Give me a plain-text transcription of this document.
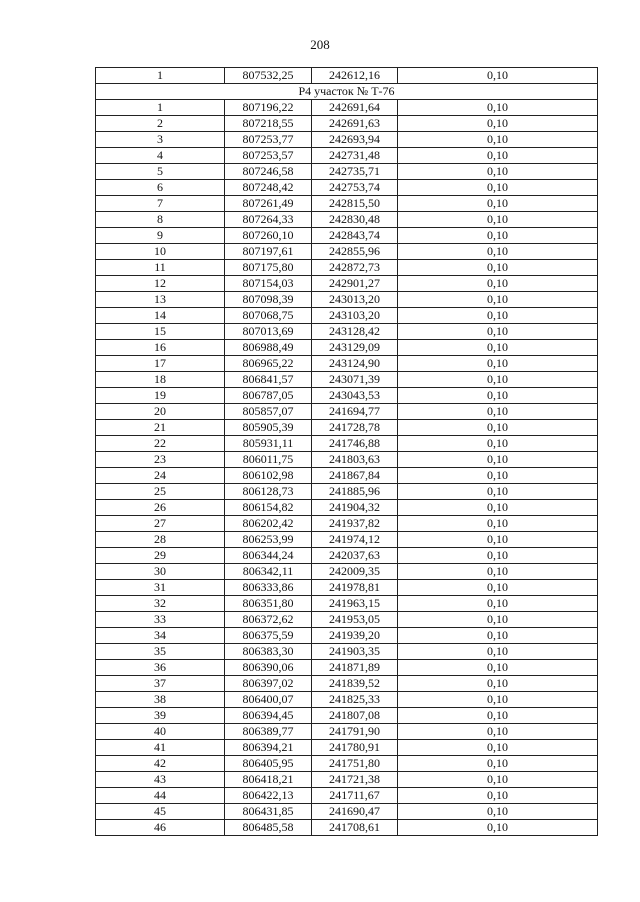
208
1	807532,25	242612,16	0,10
Р4 участок № Т-76			
1	807196,22	242691,64	0,10
2	807218,55	242691,63	0,10
3	807253,77	242693,94	0,10
4	807253,57	242731,48	0,10
5	807246,58	242735,71	0,10
6	807248,42	242753,74	0,10
7	807261,49	242815,50	0,10
8	807264,33	242830,48	0,10
9	807260,10	242843,74	0,10
10	807197,61	242855,96	0,10
11	807175,80	242872,73	0,10
12	807154,03	242901,27	0,10
13	807098,39	243013,20	0,10
14	807068,75	243103,20	0,10
15	807013,69	243128,42	0,10
16	806988,49	243129,09	0,10
17	806965,22	243124,90	0,10
18	806841,57	243071,39	0,10
19	806787,05	243043,53	0,10
20	805857,07	241694,77	0,10
21	805905,39	241728,78	0,10
22	805931,11	241746,88	0,10
23	806011,75	241803,63	0,10
24	806102,98	241867,84	0,10
25	806128,73	241885,96	0,10
26	806154,82	241904,32	0,10
27	806202,42	241937,82	0,10
28	806253,99	241974,12	0,10
29	806344,24	242037,63	0,10
30	806342,11	242009,35	0,10
31	806333,86	241978,81	0,10
32	806351,80	241963,15	0,10
33	806372,62	241953,05	0,10
34	806375,59	241939,20	0,10
35	806383,30	241903,35	0,10
36	806390,06	241871,89	0,10
37	806397,02	241839,52	0,10
38	806400,07	241825,33	0,10
39	806394,45	241807,08	0,10
40	806389,77	241791,90	0,10
41	806394,21	241780,91	0,10
42	806405,95	241751,80	0,10
43	806418,21	241721,38	0,10
44	806422,13	241711,67	0,10
45	806431,85	241690,47	0,10
46	806485,58	241708,61	0,10
